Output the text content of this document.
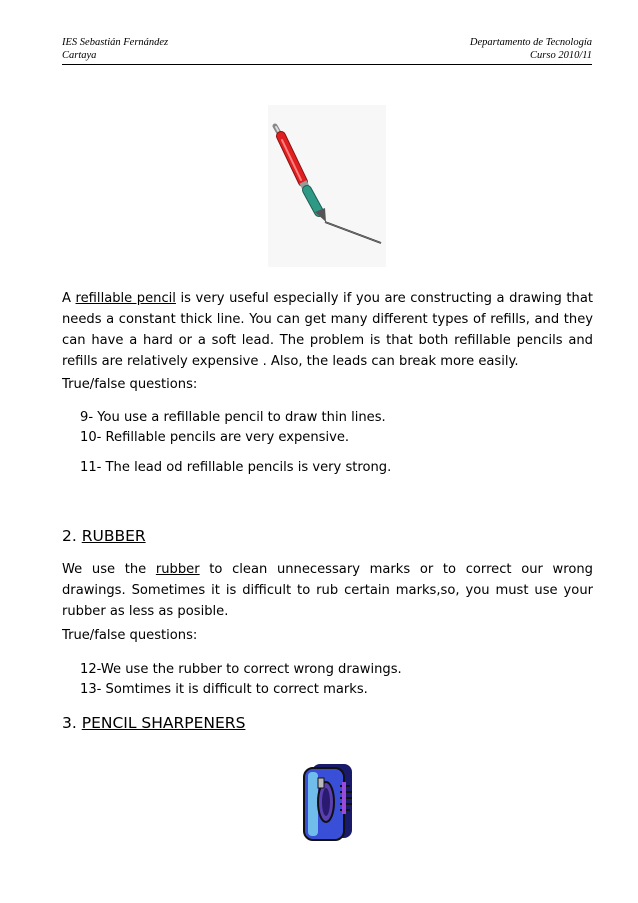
IES Sebastián Fernández	Departamento de Tecnología
Cartaya	Curso 2010/11

A refillable pencil is very useful especially if you are constructing a drawing that needs a constant thick line. You can get many different types of refills, and they can have a hard or a soft lead. The problem is that both refillable pencils and refills are relatively expensive . Also, the leads can break more easily.

True/false questions:

9- You use a refillable pencil to draw thin lines.

10- Refillable pencils are very expensive.

11- The lead od refillable pencils is very strong.

2. RUBBER

We use the rubber to clean unnecessary marks or to correct our wrong drawings. Sometimes it is difficult to rub certain marks,so, you must use your rubber as less as posible.

True/false questions:

12-We use the rubber to correct wrong drawings.

13- Somtimes it is difficult to correct marks.

3. PENCIL SHARPENERS
